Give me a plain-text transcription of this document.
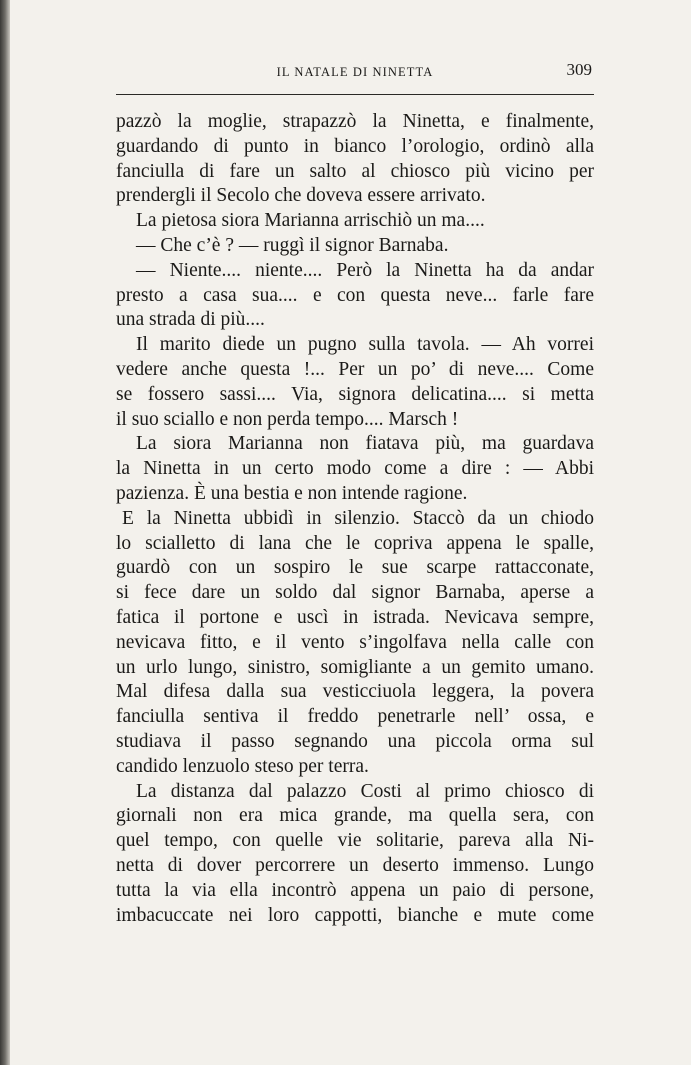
IL NATALE DI NINETTA	309
pazzò la moglie, strapazzò la Ninetta, e finalmente,
guardando di punto in bianco l’orologio, ordinò alla
fanciulla di fare un salto al chiosco più vicino per
prendergli il Secolo che doveva essere arrivato.
La pietosa siora Marianna arrischiò un ma....
— Che c’è ? — ruggì il signor Barnaba.
— Niente.... niente.... Però la Ninetta ha da andar
presto a casa sua.... e con questa neve... farle fare
una strada di più....
Il marito diede un pugno sulla tavola. — Ah vorrei
vedere anche questa !... Per un po’ di neve.... Come
se fossero sassi.... Via, signora delicatina.... si metta
il suo sciallo e non perda tempo.... Marsch !
La siora Marianna non fiatava più, ma guardava
la Ninetta in un certo modo come a dire : — Abbi
pazienza. È una bestia e non intende ragione.
E la Ninetta ubbidì in silenzio. Staccò da un chiodo
lo scialletto di lana che le copriva appena le spalle,
guardò con un sospiro le sue scarpe rattacconate,
si fece dare un soldo dal signor Barnaba, aperse a
fatica il portone e uscì in istrada. Nevicava sempre,
nevicava fitto, e il vento s’ingolfava nella calle con
un urlo lungo, sinistro, somigliante a un gemito umano.
Mal difesa dalla sua vesticciuola leggera, la povera
fanciulla sentiva il freddo penetrarle nell’ ossa, e
studiava il passo segnando una piccola orma sul
candido lenzuolo steso per terra.
La distanza dal palazzo Costi al primo chiosco di
giornali non era mica grande, ma quella sera, con
quel tempo, con quelle vie solitarie, pareva alla Ni-
netta di dover percorrere un deserto immenso. Lungo
tutta la via ella incontrò appena un paio di persone,
imbacuccate nei loro cappotti, bianche e mute come
